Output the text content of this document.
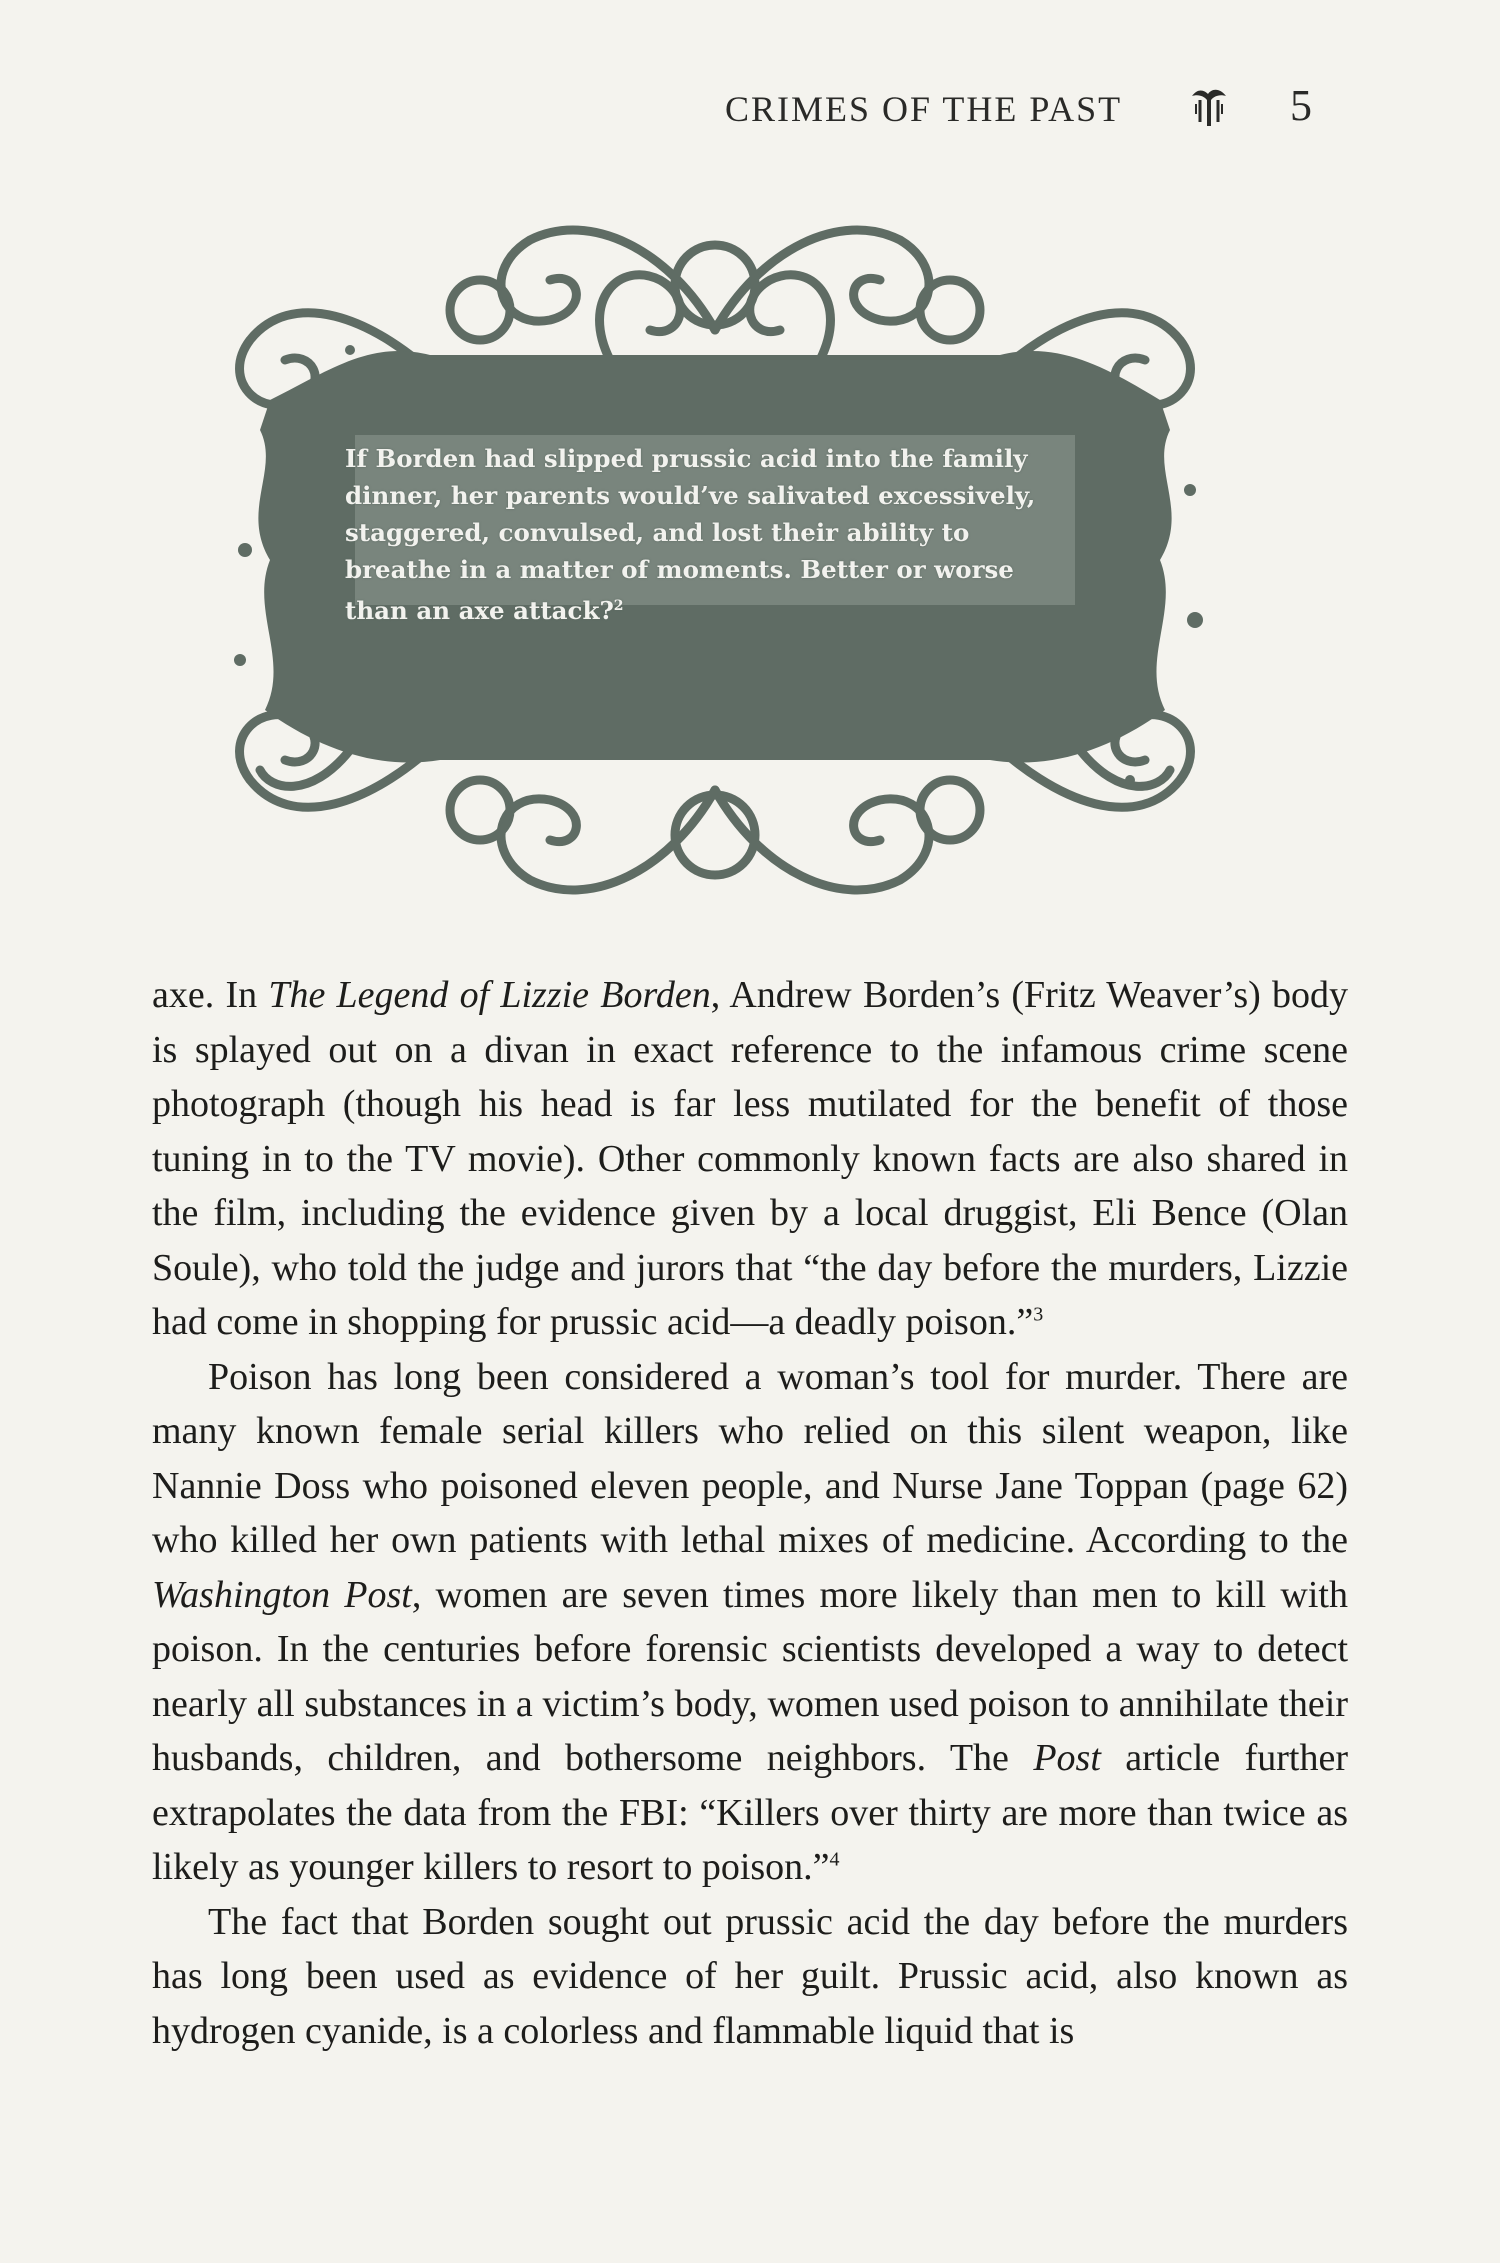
CRIMES OF THE PAST	5
If Borden had slipped prussic acid into the family dinner, her parents would’ve salivated excessively, staggered, convulsed, and lost their ability to breathe in a matter of moments. Better or worse than an axe attack?$^2$

axe. In The Legend of Lizzie Borden, Andrew Borden’s (Fritz Weaver’s) body is splayed out on a divan in exact reference to the infamous crime scene photograph (though his head is far less mutilated for the benefit of those tuning in to the TV movie). Other commonly known facts are also shared in the film, including the evidence given by a local druggist, Eli Bence (Olan Soule), who told the judge and jurors that “the day before the murders, Lizzie had come in shopping for prussic acid—a deadly poison.”$^3$

Poison has long been considered a woman’s tool for murder. There are many known female serial killers who relied on this silent weapon, like Nannie Doss who poisoned eleven people, and Nurse Jane Toppan (page 62) who killed her own patients with lethal mixes of medicine. According to the Washington Post, women are seven times more likely than men to kill with poison. In the centuries before forensic scientists developed a way to detect nearly all substances in a victim’s body, women used poison to annihilate their husbands, children, and bothersome neighbors. The Post article further extrapolates the data from the FBI: “Killers over thirty are more than twice as likely as younger killers to resort to poison.”$^4$

The fact that Borden sought out prussic acid the day before the murders has long been used as evidence of her guilt. Prussic acid, also known as hydrogen cyanide, is a colorless and flammable liquid that is
